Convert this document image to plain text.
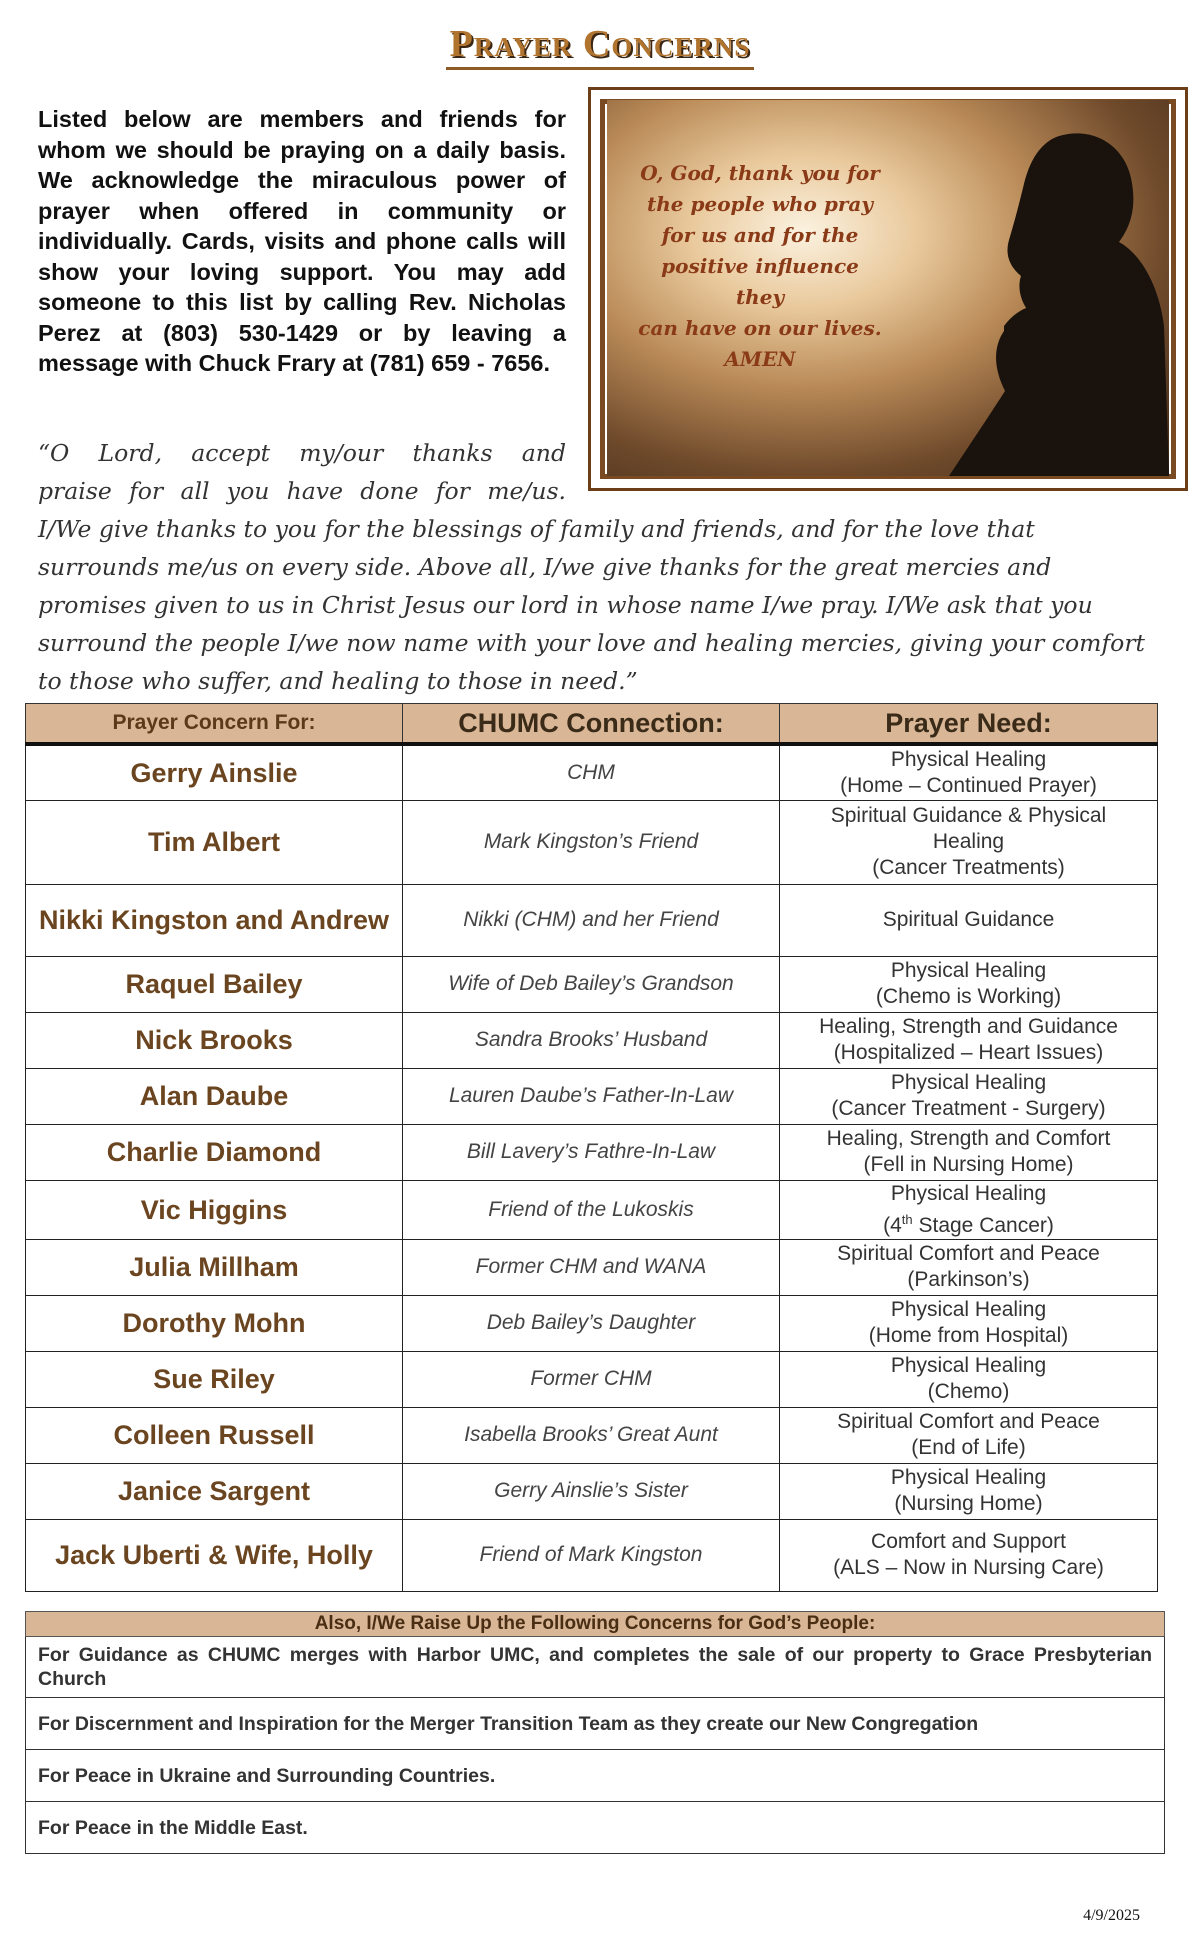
Prayer Concerns
Listed below are members and friends for whom we should be praying on a daily basis. We acknowledge the miraculous power of prayer when offered in community or individually. Cards, visits and phone calls will show your loving support. You may add someone to this list by calling Rev. Nicholas Perez at (803) 530-1429 or by leaving a message with Chuck Frary at (781) 659 - 7656.
O, God, thank you for
the people who pray
for us and for the
positive influence they
can have on our lives.
AMEN
“O Lord, accept my/our thanks and
praise for all you have done for me/us.
I/We give thanks to you for the blessings of family and friends, and for the love that surrounds me/us on every side. Above all, I/we give thanks for the great mercies and promises given to us in Christ Jesus our lord in whose name I/we pray. I/We ask that you surround the people I/we now name with your love and healing mercies, giving your comfort to those who suffer, and healing to those in need.”
Prayer Concern For:	CHUMC Connection:	Prayer Need:
Gerry Ainslie	CHM	Physical Healing
(Home – Continued Prayer)

Tim Albert	Mark Kingston’s Friend	Spiritual Guidance & Physical
Healing
(Cancer Treatments)

Nikki Kingston and Andrew	Nikki (CHM) and her Friend	Spiritual Guidance

Raquel Bailey	Wife of Deb Bailey’s Grandson	Physical Healing
(Chemo is Working)

Nick Brooks	Sandra Brooks’ Husband	Healing, Strength and Guidance
(Hospitalized – Heart Issues)

Alan Daube	Lauren Daube’s Father-In-Law	Physical Healing
(Cancer Treatment - Surgery)

Charlie Diamond	Bill Lavery’s Fathre-In-Law	Healing, Strength and Comfort
(Fell in Nursing Home)

Vic Higgins	Friend of the Lukoskis	Physical Healing
(4th Stage Cancer)

Julia Millham	Former CHM and WANA	Spiritual Comfort and Peace
(Parkinson’s)

Dorothy Mohn	Deb Bailey’s Daughter	Physical Healing
(Home from Hospital)

Sue Riley	Former CHM	Physical Healing
(Chemo)

Colleen Russell	Isabella Brooks’ Great Aunt	Spiritual Comfort and Peace
(End of Life)

Janice Sargent	Gerry Ainslie’s Sister	Physical Healing
(Nursing Home)

Jack Uberti & Wife, Holly	Friend of Mark Kingston	Comfort and Support
(ALS – Now in Nursing Care)
Also, I/We Raise Up the Following Concerns for God’s People:
For Guidance as CHUMC merges with Harbor UMC, and completes the sale of our property to Grace Presbyterian Church
For Discernment and Inspiration for the Merger Transition Team as they create our New Congregation
For Peace in Ukraine and Surrounding Countries.
For Peace in the Middle East.
4/9/2025
